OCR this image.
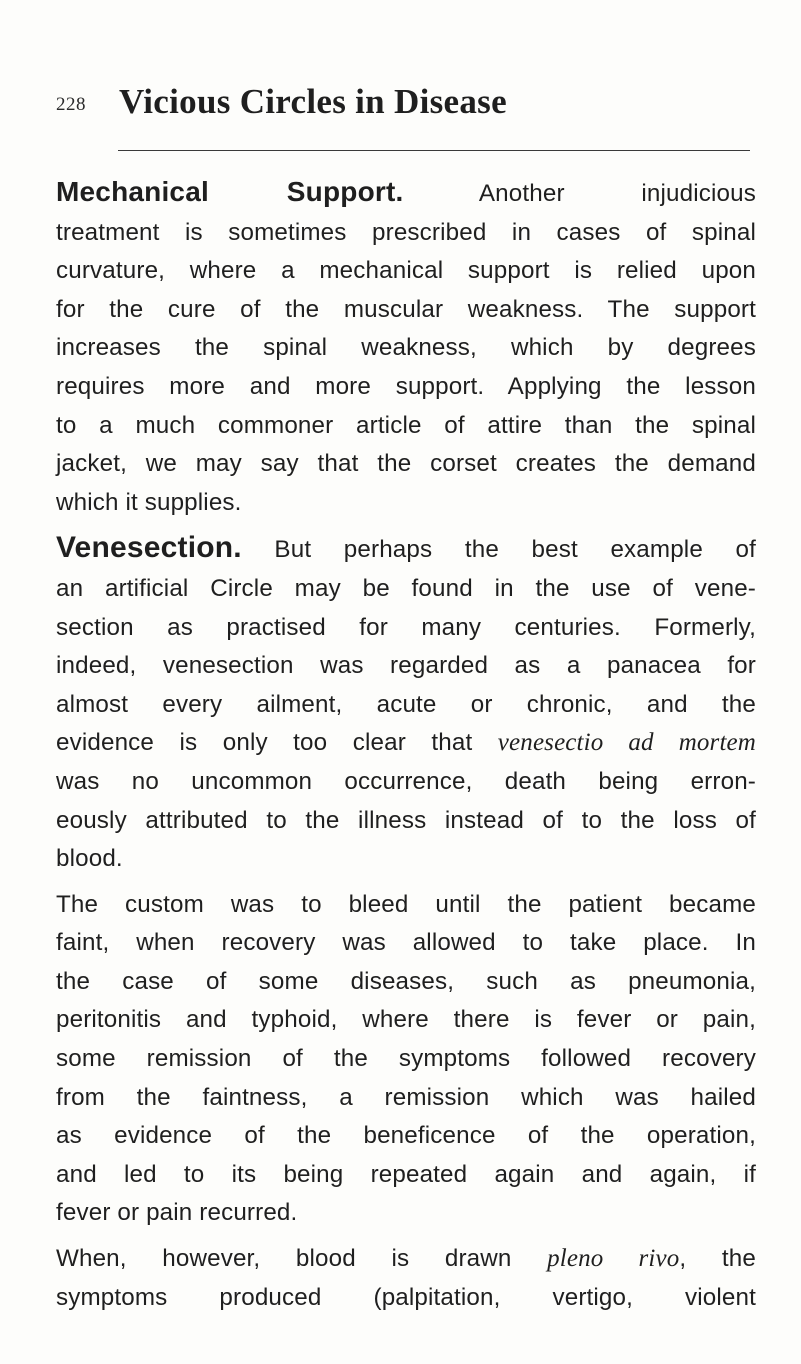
228 Vicious Circles in Disease
Mechanical Support. Another injudicious
treatment is sometimes prescribed in cases of spinal
curvature, where a mechanical support is relied upon
for the cure of the muscular weakness. The support
increases the spinal weakness, which by degrees
requires more and more support. Applying the lesson
to a much commoner article of attire than the spinal
jacket, we may say that the corset creates the demand
which it supplies.
Venesection. But perhaps the best example of
an artificial Circle may be found in the use of vene-
section as practised for many centuries. Formerly,
indeed, venesection was regarded as a panacea for
almost every ailment, acute or chronic, and the
evidence is only too clear that venesectio ad mortem
was no uncommon occurrence, death being erron-
eously attributed to the illness instead of to the loss of
blood.
The custom was to bleed until the patient became
faint, when recovery was allowed to take place. In
the case of some diseases, such as pneumonia,
peritonitis and typhoid, where there is fever or pain,
some remission of the symptoms followed recovery
from the faintness, a remission which was hailed
as evidence of the beneficence of the operation,
and led to its being repeated again and again, if
fever or pain recurred.
When, however, blood is drawn pleno rivo, the
symptoms produced (palpitation, vertigo, violent
